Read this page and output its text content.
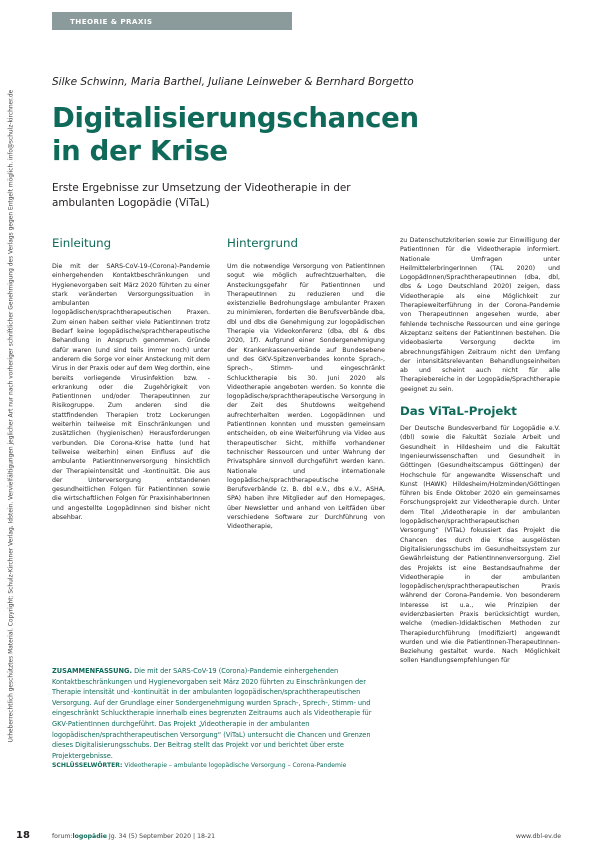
THEORIE & PRAXIS
Urheberrechtlich geschütztes Material. Copyright: Schulz-Kirchner Verlag, Idstein. Vervielfältigungen jeglicher Art nur nach vorheriger schriftlicher Genehmigung des Verlags gegen Entgelt möglich. info@schulz-kirchner.de
Silke Schwinn, Maria Barthel, Juliane Leinweber & Bernhard Borgetto
Digitalisierungschancen
in der Krise
Erste Ergebnisse zur Umsetzung der Videotherapie in der ambulanten Logopädie (ViTaL)
Einleitung

Die mit der SARS-CoV-19-(Corona)-Pandemie einhergehenden Kontaktbeschränkungen und Hygienevorgaben seit März 2020 führten zu einer stark veränderten Versorgungssituation in ambulanten logopädischen/sprachtherapeutischen Praxen. Zum einen haben seither viele PatientInnen trotz Bedarf keine logopädische/sprachtherapeutische Behandlung in Anspruch genommen. Gründe dafür waren (und sind teils immer noch) unter anderem die Sorge vor einer Ansteckung mit dem Virus in der Praxis oder auf dem Weg dorthin, eine bereits vorliegende Virusinfektion bzw. -erkrankung oder die Zugehörigkeit von PatientInnen und/oder TherapeutInnen zur Risikogruppe. Zum anderen sind die stattfindenden Therapien trotz Lockerungen weiterhin teilweise mit Einschränkungen und zusätzlichen (hygienischen) Herausforderungen verbunden. Die Corona-Krise hatte (und hat teilweise weiterhin) einen Einfluss auf die ambulante PatientInnenversorgung hinsichtlich der Therapieintensität und -kontinuität. Die aus der Unterversorgung entstandenen gesundheitlichen Folgen für PatientInnen sowie die wirtschaftlichen Folgen für PraxisinhaberInnen und angestellte LogopädInnen sind bisher nicht absehbar.

Hintergrund

Um die notwendige Versorgung von PatientInnen sogut wie möglich aufrechtzuerhalten, die Ansteckungsgefahr für PatientInnen und TherapeutInnen zu reduzieren und die existenzielle Bedrohungslage ambulanter Praxen zu minimieren, forderten die Berufsverbände dba, dbl und dbs die Genehmigung zur logopädischen Therapie via Videokonferenz (dba, dbl & dbs 2020, 1f). Aufgrund einer Sondergenehmigung der Krankenkassenverbände auf Bundesebene und des GKV-Spitzenverbandes konnte Sprach-, Sprech-, Stimm- und eingeschränkt Schlucktherapie bis 30. Juni 2020 als Videotherapie angeboten werden. So konnte die logopädische/sprachtherapeutische Versorgung in der Zeit des Shutdowns weitgehend aufrechterhalten werden. LogopädInnen und PatientInnen konnten und mussten gemeinsam entscheiden, ob eine Weiterführung via Video aus therapeutischer Sicht, mithilfe vorhandener technischer Ressourcen und unter Wahrung der Privatsphäre sinnvoll durchgeführt werden kann. Nationale und internationale logopädische/sprachtherapeutische Berufsverbände (z. B. dbl e.V., dbs e.V., ASHA, SPA) haben ihre Mitglieder auf den Homepages, über Newsletter und anhand von Leitfäden über verschiedene Software zur Durchführung von Videotherapie,

zu Datenschutzkriterien sowie zur Einwilligung der PatientInnen für die Videotherapie informiert. Nationale Umfragen unter HeilmittelerbringerInnen (TAL 2020) und LogopädInnen/SprachtherapeutInnen (dba, dbl, dbs & Logo Deutschland 2020) zeigen, dass Videotherapie als eine Möglichkeit zur Therapieweiterführung in der Corona-Pandemie von TherapeutInnen angesehen wurde, aber fehlende technische Ressourcen und eine geringe Akzeptanz seitens der PatientInnen bestehen. Die videobasierte Versorgung deckte im abrechnungsfähigen Zeitraum nicht den Umfang der intensitätsrelevanten Behandlungseinheiten ab und scheint auch nicht für alle Therapiebereiche in der Logopädie/Sprachtherapie geeignet zu sein.

Das ViTaL-Projekt

Der Deutsche Bundesverband für Logopädie e.V. (dbl) sowie die Fakultät Soziale Arbeit und Gesundheit in Hildesheim und die Fakultät Ingenieurwissenschaften und Gesundheit in Göttingen (Gesundheitscampus Göttingen) der Hochschule für angewandte Wissenschaft und Kunst (HAWK) Hildesheim/Holzminden/Göttingen führen bis Ende Oktober 2020 ein gemeinsames Forschungsprojekt zur Videotherapie durch. Unter dem Titel „Videotherapie in der ambulanten logopädischen/sprachtherapeutischen Versorgung“ (ViTaL) fokussiert das Projekt die Chancen des durch die Krise ausgelösten Digitalisierungsschubs im Gesundheitssystem zur Gewährleistung der PatientInnenversorgung. Ziel des Projekts ist eine Bestandsaufnahme der Videotherapie in der ambulanten logopädischen/sprachtherapeutischen Praxis während der Corona-Pandemie. Von besonderem Interesse ist u.a., wie Prinzipien der evidenzbasierten Praxis berücksichtigt wurden, welche (medien-)didaktischen Methoden zur Therapiedurchführung (modifiziert) angewandt wurden und wie die PatientInnen-TherapeutInnen-Beziehung gestaltet wurde. Nach Möglichkeit sollen Handlungsempfehlungen für

ZUSAMMENFASSUNG. Die mit der SARS-CoV-19 (Corona)-Pandemie einhergehenden Kontaktbeschränkungen und Hygienevorgaben seit März 2020 führten zu Einschränkungen der Therapie intensität und -kontinuität in der ambulanten logopädischen/sprachtherapeutischen Versorgung. Auf der Grundlage einer Sondergenehmigung wurden Sprach-, Sprech-, Stimm- und eingeschränkt Schlucktherapie innerhalb eines begrenzten Zeitraums auch als Videotherapie für GKV-PatientInnen durchgeführt. Das Projekt „Videotherapie in der ambulanten logopädischen/sprachtherapeutischen Versorgung“ (ViTaL) untersucht die Chancen und Grenzen dieses Digitalisierungsschubs. Der Beitrag stellt das Projekt vor und berichtet über erste Projektergebnisse.
SCHLÜSSELWÖRTER: Videotherapie – ambulante logopädische Versorgung – Corona-Pandemie
18	forum:logopädie Jg. 34 (5) September 2020 | 18-21	www.dbl-ev.de
